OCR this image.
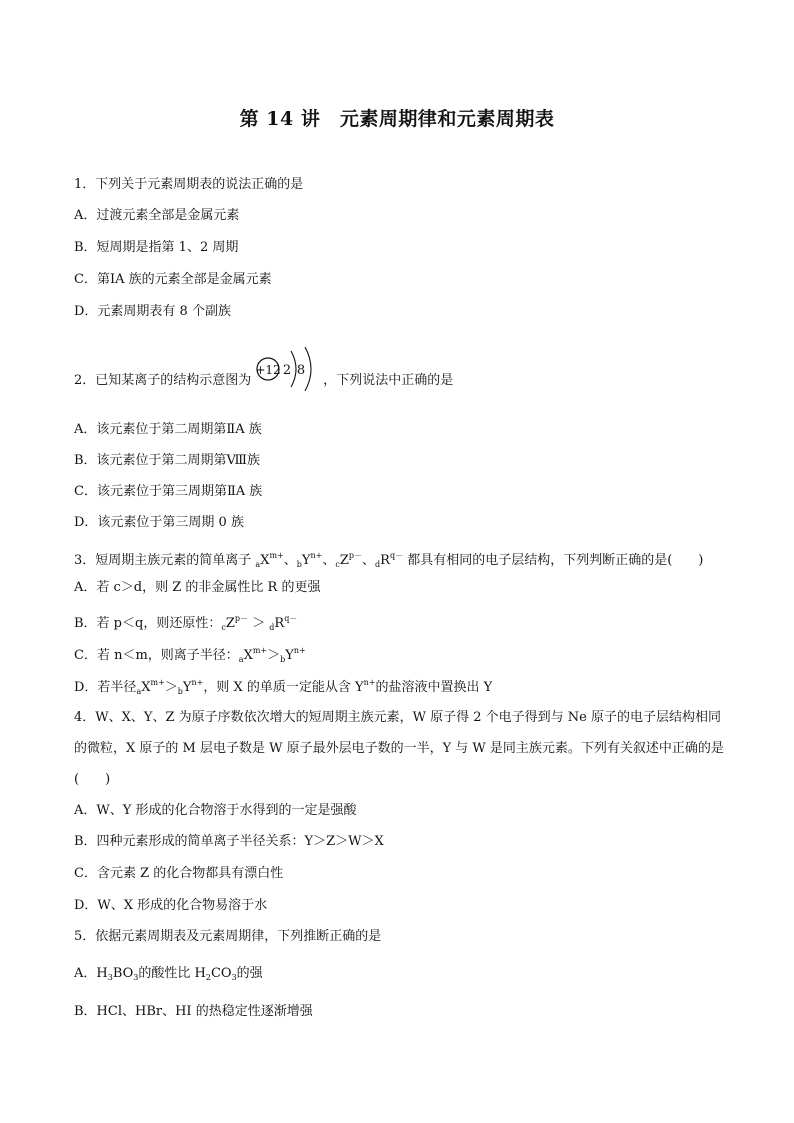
第 14 讲　元素周期律和元素周期表
1．下列关于元素周期表的说法正确的是
A．过渡元素全部是金属元素
B．短周期是指第 1、2 周期
C．第ⅠA 族的元素全部是金属元素
D．元素周期表有 8 个副族
2．已知某离子的结构示意图为
+12 2 8
，下列说法中正确的是
A．该元素位于第二周期第ⅡA 族
B．该元素位于第二周期第Ⅷ族
C．该元素位于第三周期第ⅡA 族
D．该元素位于第三周期 0 族
3．短周期主族元素的简单离子 $_aX^{m+}$、$_bY^{n+}$、$_cZ^{p-}$、$_dR^{q-}$ 都具有相同的电子层结构，下列判断正确的是(　　)
A．若 c＞d，则 Z 的非金属性比 R 的更强
B．若 p＜q，则还原性：$_cZ^{p-} > _dR^{q-}$
C．若 n＜m，则离子半径：$_aX^{m+}>_bY^{n+}$
D．若半径$_aX^{m+}>_bY^{n+}$，则 X 的单质一定能从含 $Y^{n+}$的盐溶液中置换出 Y
4．W、X、Y、Z 为原子序数依次增大的短周期主族元素，W 原子得 2 个电子得到与 Ne 原子的电子层结构相同的微粒，X 原子的 M 层电子数是 W 原子最外层电子数的一半，Y 与 W 是同主族元素。下列有关叙述中正确的是(　　)
A．W、Y 形成的化合物溶于水得到的一定是强酸
B．四种元素形成的简单离子半径关系：Y＞Z＞W＞X
C．含元素 Z 的化合物都具有漂白性
D．W、X 形成的化合物易溶于水
5．依据元素周期表及元素周期律，下列推断正确的是
A．$H_3BO_3$的酸性比 $H_2CO_3$的强
B．HCl、HBr、HI 的热稳定性逐渐增强
